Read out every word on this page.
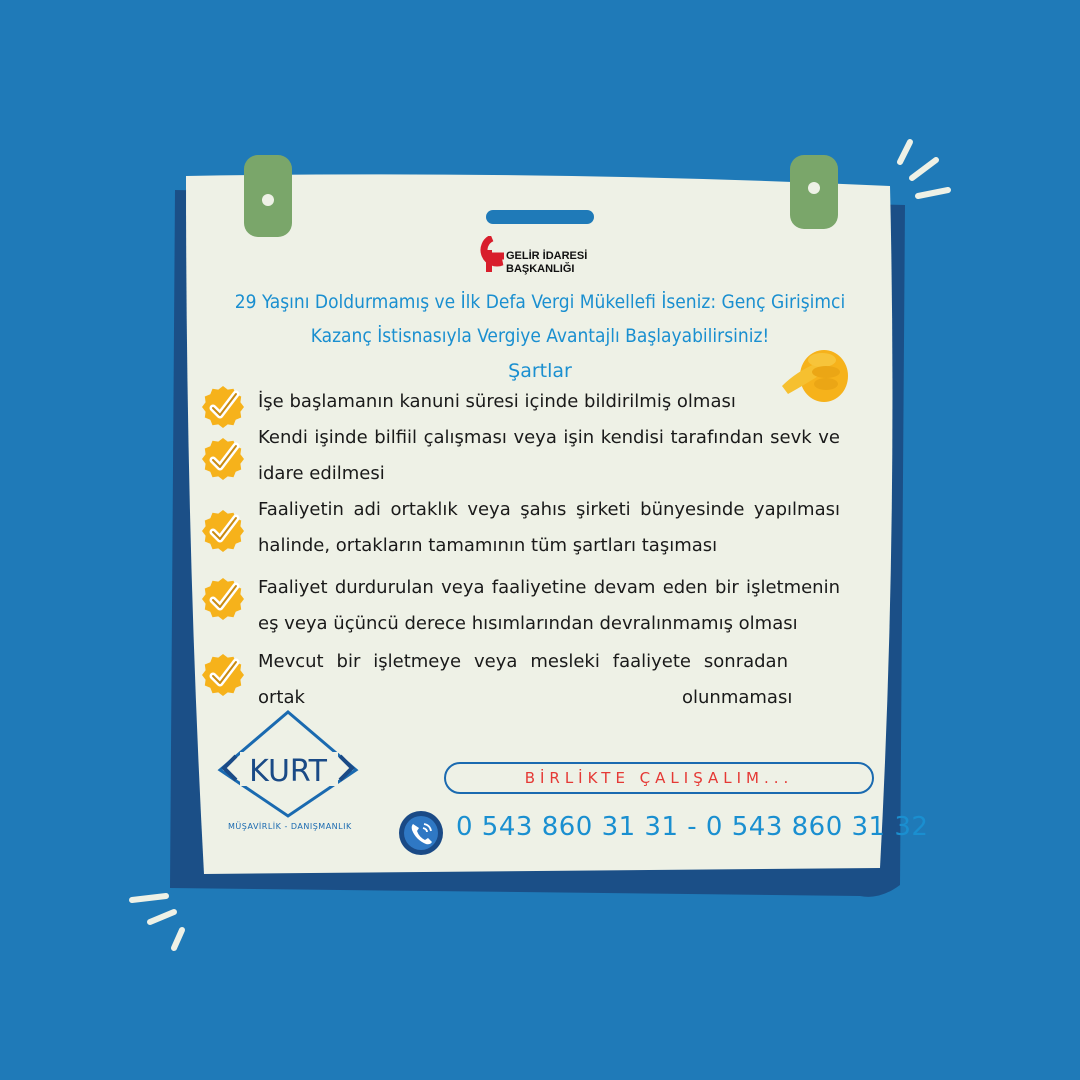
GELİR İDARESİ
BAŞKANLIĞI
29 Yaşını Doldurmamış ve İlk Defa Vergi Mükellefi İseniz: Genç Girişimci
Kazanç İstisnasıyla Vergiye Avantajlı Başlayabilirsiniz!
Şartlar
İşe başlamanın kanuni süresi içinde bildirilmiş olması
Kendi işinde bilfiil çalışması veya işin kendisi tarafından sevk ve idare edilmesi
Faaliyetin adi ortaklık veya şahıs şirketi bünyesinde yapılması halinde, ortakların tamamının tüm şartları taşıması
Faaliyet durdurulan veya faaliyetine devam eden bir işletmenin eş veya üçüncü derece hısımlarından devralınmamış olması
Mevcut bir işletmeye veya mesleki faaliyete sonradan ortak	olunmaması
KURT
MÜŞAVİRLİK - DANIŞMANLIK
BİRLİKTE ÇALIŞALIM...
0 543 860 31 31 - 0 543 860 31 32
